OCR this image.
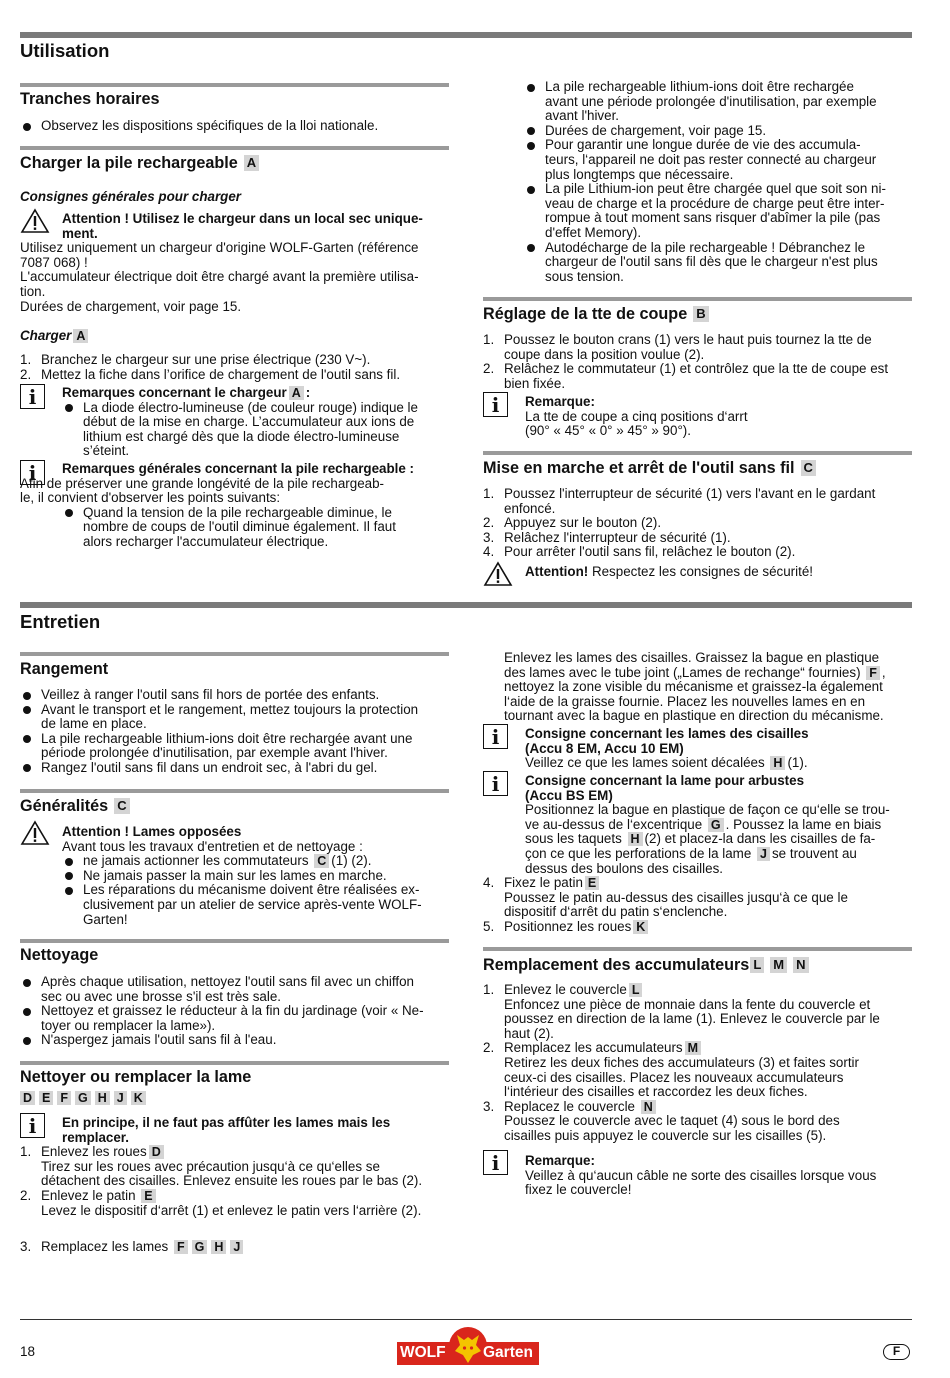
Utilisation
Tranches horaires

Observez les dispositions spécifiques de la lloi nationale.

Charger la pile rechargeable A
Consignes générales pour charger

Attention ! Utilisez le chargeur dans un local sec unique-

ment.

Utilisez uniquement un chargeur d'origine WOLF-Garten (référence

7087 068) !

L'accumulateur électrique doit être chargé avant la première utilisa-

tion.

Durées de chargement, voir page 15.

Charger A

1. Branchez le chargeur sur une prise électrique (230 V~).

2. Mettez la fiche dans l’orifice de chargement de l'outil sans fil.

i

Remarques concernant le chargeur A :

La diode électro-lumineuse (de couleur rouge) indique le
début de la mise en charge. L’accumulateur aux ions de
lithium est chargé dès que la diode électro-lumineuse
s’éteint.

i

Remarques générales concernant la pile rechargeable :

Afin de préserver une grande longévité de la pile rechargeab-

le, il convient d'observer les points suivants:

Quand la tension de la pile rechargeable diminue, le
nombre de coups de l'outil diminue également. Il faut
alors recharger l'accumulateur électrique.

La pile rechargeable lithium-ions doit être rechargée
avant une période prolongée d'inutilisation, par exemple
avant l'hiver.

Durées de chargement, voir page 15.

Pour garantir une longue durée de vie des accumula-
teurs, l‘appareil ne doit pas rester connecté au chargeur
plus longtemps que nécessaire.

La pile Lithium-ion peut être chargée quel que soit son ni-
veau de charge et la procédure de charge peut être inter-
rompue à tout moment sans risquer d'abîmer la pile (pas
d'effet Memory).

Autodécharge de la pile rechargeable ! Débranchez le
chargeur de l'outil sans fil dès que le chargeur n'est plus
sous tension.

Réglage de la tte de coupe B

1. Poussez le bouton crans (1) vers le haut puis tournez la tte de
coupe dans la position voulue (2).

2. Relâchez le commutateur (1) et contrôlez que la tte de coupe est
bien fixée.

i

Remarque:

La tte de coupe a cinq positions d‘arrt

(90° « 45° « 0° » 45° » 90°).

Mise en marche et arrêt de l'outil sans fil C

1. Poussez l'interrupteur de sécurité (1) vers l'avant en le gardant
enfoncé.

2. Appuyez sur le bouton (2).

3. Relâchez l'interrupteur de sécurité (1).

4. Pour arrêter l'outil sans fil, relâchez le bouton (2).

Attention! Respectez les consignes de sécurité!

Entretien
Rangement

Veillez à ranger l'outil sans fil hors de portée des enfants.

Avant le transport et le rangement, mettez toujours la protection
de lame en place.

La pile rechargeable lithium-ions doit être rechargée avant une
période prolongée d'inutilisation, par exemple avant l'hiver.

Rangez l'outil sans fil dans un endroit sec, à l'abri du gel.

Généralités C

Attention ! Lames opposées

Avant tous les travaux d'entretien et de nettoyage :

ne jamais actionner les commutateurs C (1) (2).

Ne jamais passer la main sur les lames en marche.

Les réparations du mécanisme doivent être réalisées ex-
clusivement par un atelier de service après-vente WOLF-
Garten!

Nettoyage

Après chaque utilisation, nettoyez l'outil sans fil avec un chiffon
sec ou avec une brosse s'il est très sale.

Nettoyez et graissez le réducteur à la fin du jardinage (voir « Ne-
toyer ou remplacer la lame»).

N'aspergez jamais l'outil sans fil à l'eau.

Nettoyer ou remplacer la lame
D E F G H J K
i

En principe, il ne faut pas affûter les lames mais les

remplacer.

1. Enlevez les roues D
Tirez sur les roues avec précaution jusqu‘à ce qu‘elles se
détachent des cisailles. Enlevez ensuite les roues par le bas (2).

2. Enlevez le patin E
Levez le dispositif d‘arrêt (1) et enlevez le patin vers l‘arrière (2).

3. Remplacez les lames F G H J

Enlevez les lames des cisailles. Graissez la bague en plastique

des lames avec le tube joint („Lames de rechange“ fournies) F ,

nettoyez la zone visible du mécanisme et graissez-la également

l‘aide de la graisse fournie. Placez les nouvelles lames en en

tournant avec la bague en plastique en direction du mécanisme.

i

Consigne concernant les lames des cisailles

(Accu 8 EM, Accu 10 EM)

Veillez ce que les lames soient décalées H (1).

i

Consigne concernant la lame pour arbustes

(Accu BS EM)

Positionnez la bague en plastique de façon ce qu‘elle se trou-

ve au-dessus de l‘excentrique G . Poussez la lame en biais

sous les taquets H (2) et placez-la dans les cisailles de fa-

çon ce que les perforations de la lame J se trouvent au

dessus des boulons des cisailles.

4. Fixez le patin E
Poussez le patin au-dessus des cisailles jusqu‘à ce que le
dispositif d‘arrêt du patin s‘enclenche.

5. Positionnez les roues K

Remplacement des accumulateurs L M N

1. Enlevez le couvercle L
Enfoncez une pièce de monnaie dans la fente du couvercle et
poussez en direction de la lame (1). Enlevez le couvercle par le
haut (2).

2. Remplacez les accumulateurs M
Retirez les deux fiches des accumulateurs (3) et faites sortir
ceux-ci des cisailles. Placez les nouveaux accumulateurs
l‘intérieur des cisailles et raccordez les deux fiches.

3. Replacez le couvercle N
Poussez le couvercle avec le taquet (4) sous le bord des
cisailles puis appuyez le couvercle sur les cisailles (5).

i

Remarque:

Veillez à qu‘aucun câble ne sorte des cisailles lorsque vous

fixez le couvercle!

18	WOLF Garten	F
